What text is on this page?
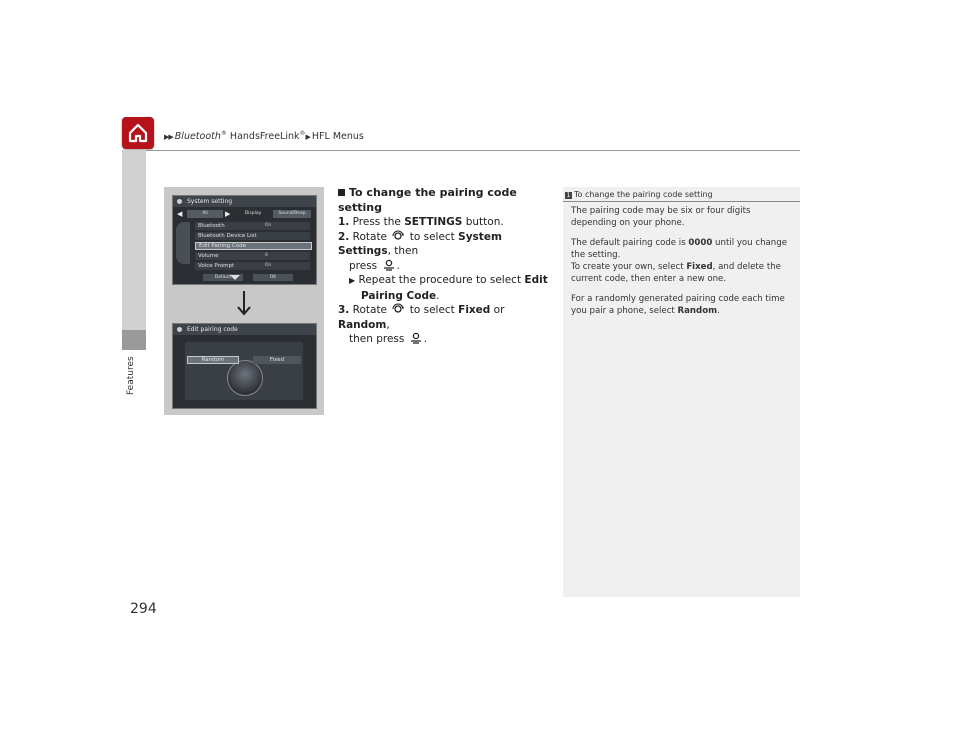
▶▶ Bluetooth® HandsFreeLink®▶ HFL Menus
Features
294
System setting
◀	All	▶	Display	Sound/Beep
Bluetooth	On
Bluetooth Device List
Edit Pairing Code
Volume	6
Voice Prompt	On
Default	OK
Edit pairing code
Random	Fixed
To change the pairing code setting
1. Press the SETTINGS button.
2. Rotate to select System Settings, then
press .
▶ Repeat the procedure to select Edit
Pairing Code.
3. Rotate to select Fixed or Random,
then press .
1 To change the pairing code setting

The pairing code may be six or four digits depending on your phone.

The default pairing code is 0000 until you change the setting.

To create your own, select Fixed, and delete the current code, then enter a new one.

For a randomly generated pairing code each time you pair a phone, select Random.
